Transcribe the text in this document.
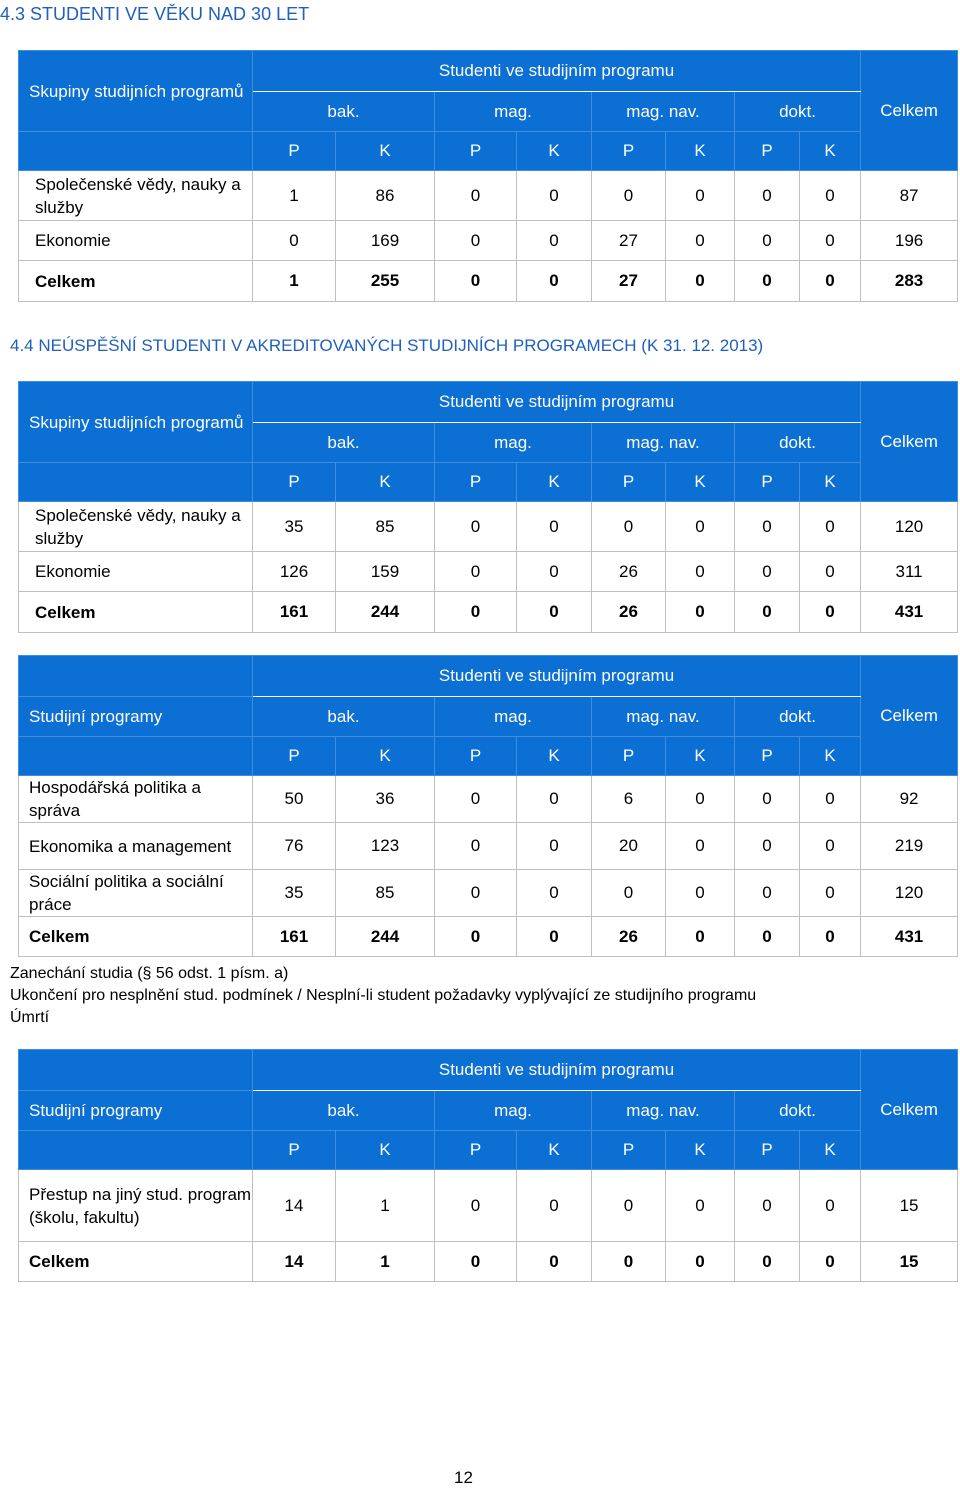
4.3 STUDENTI VE VĚKU NAD 30 LET
Skupiny studijních programů	Studenti ve studijním programu								Celkem
	bak.		mag.		mag. nav.		dokt.		
	P	K	P	K	P	K	P	K	
Společenské vědy, nauky a služby	1	86	0	0	0	0	0	0	87
Ekonomie	0	169	0	0	27	0	0	0	196
Celkem	1	255	0	0	27	0	0	0	283
4.4 NEÚSPĚŠNÍ STUDENTI V AKREDITOVANÝCH STUDIJNÍCH PROGRAMECH (K 31. 12. 2013)
Skupiny studijních programů	Studenti ve studijním programu								Celkem
	bak.		mag.		mag. nav.		dokt.		
	P	K	P	K	P	K	P	K	
Společenské vědy, nauky a služby	35	85	0	0	0	0	0	0	120
Ekonomie	126	159	0	0	26	0	0	0	311
Celkem	161	244	0	0	26	0	0	0	431
	Studenti ve studijním programu								Celkem
Studijní programy	bak.		mag.		mag. nav.		dokt.		
	P	K	P	K	P	K	P	K	
Hospodářská politika a správa	50	36	0	0	6	0	0	0	92
Ekonomika a management	76	123	0	0	20	0	0	0	219
Sociální politika a sociální práce	35	85	0	0	0	0	0	0	120
Celkem	161	244	0	0	26	0	0	0	431
Zanechání studia (§ 56 odst. 1 písm. a)
Ukončení pro nesplnění stud. podmínek / Nesplní-li student požadavky vyplývající ze studijního programu
Úmrtí
	Studenti ve studijním programu								Celkem
Studijní programy	bak.		mag.		mag. nav.		dokt.		
	P	K	P	K	P	K	P	K	
Přestup na jiný stud. program (školu, fakultu)	14	1	0	0	0	0	0	0	15
Celkem	14	1	0	0	0	0	0	0	15
12
